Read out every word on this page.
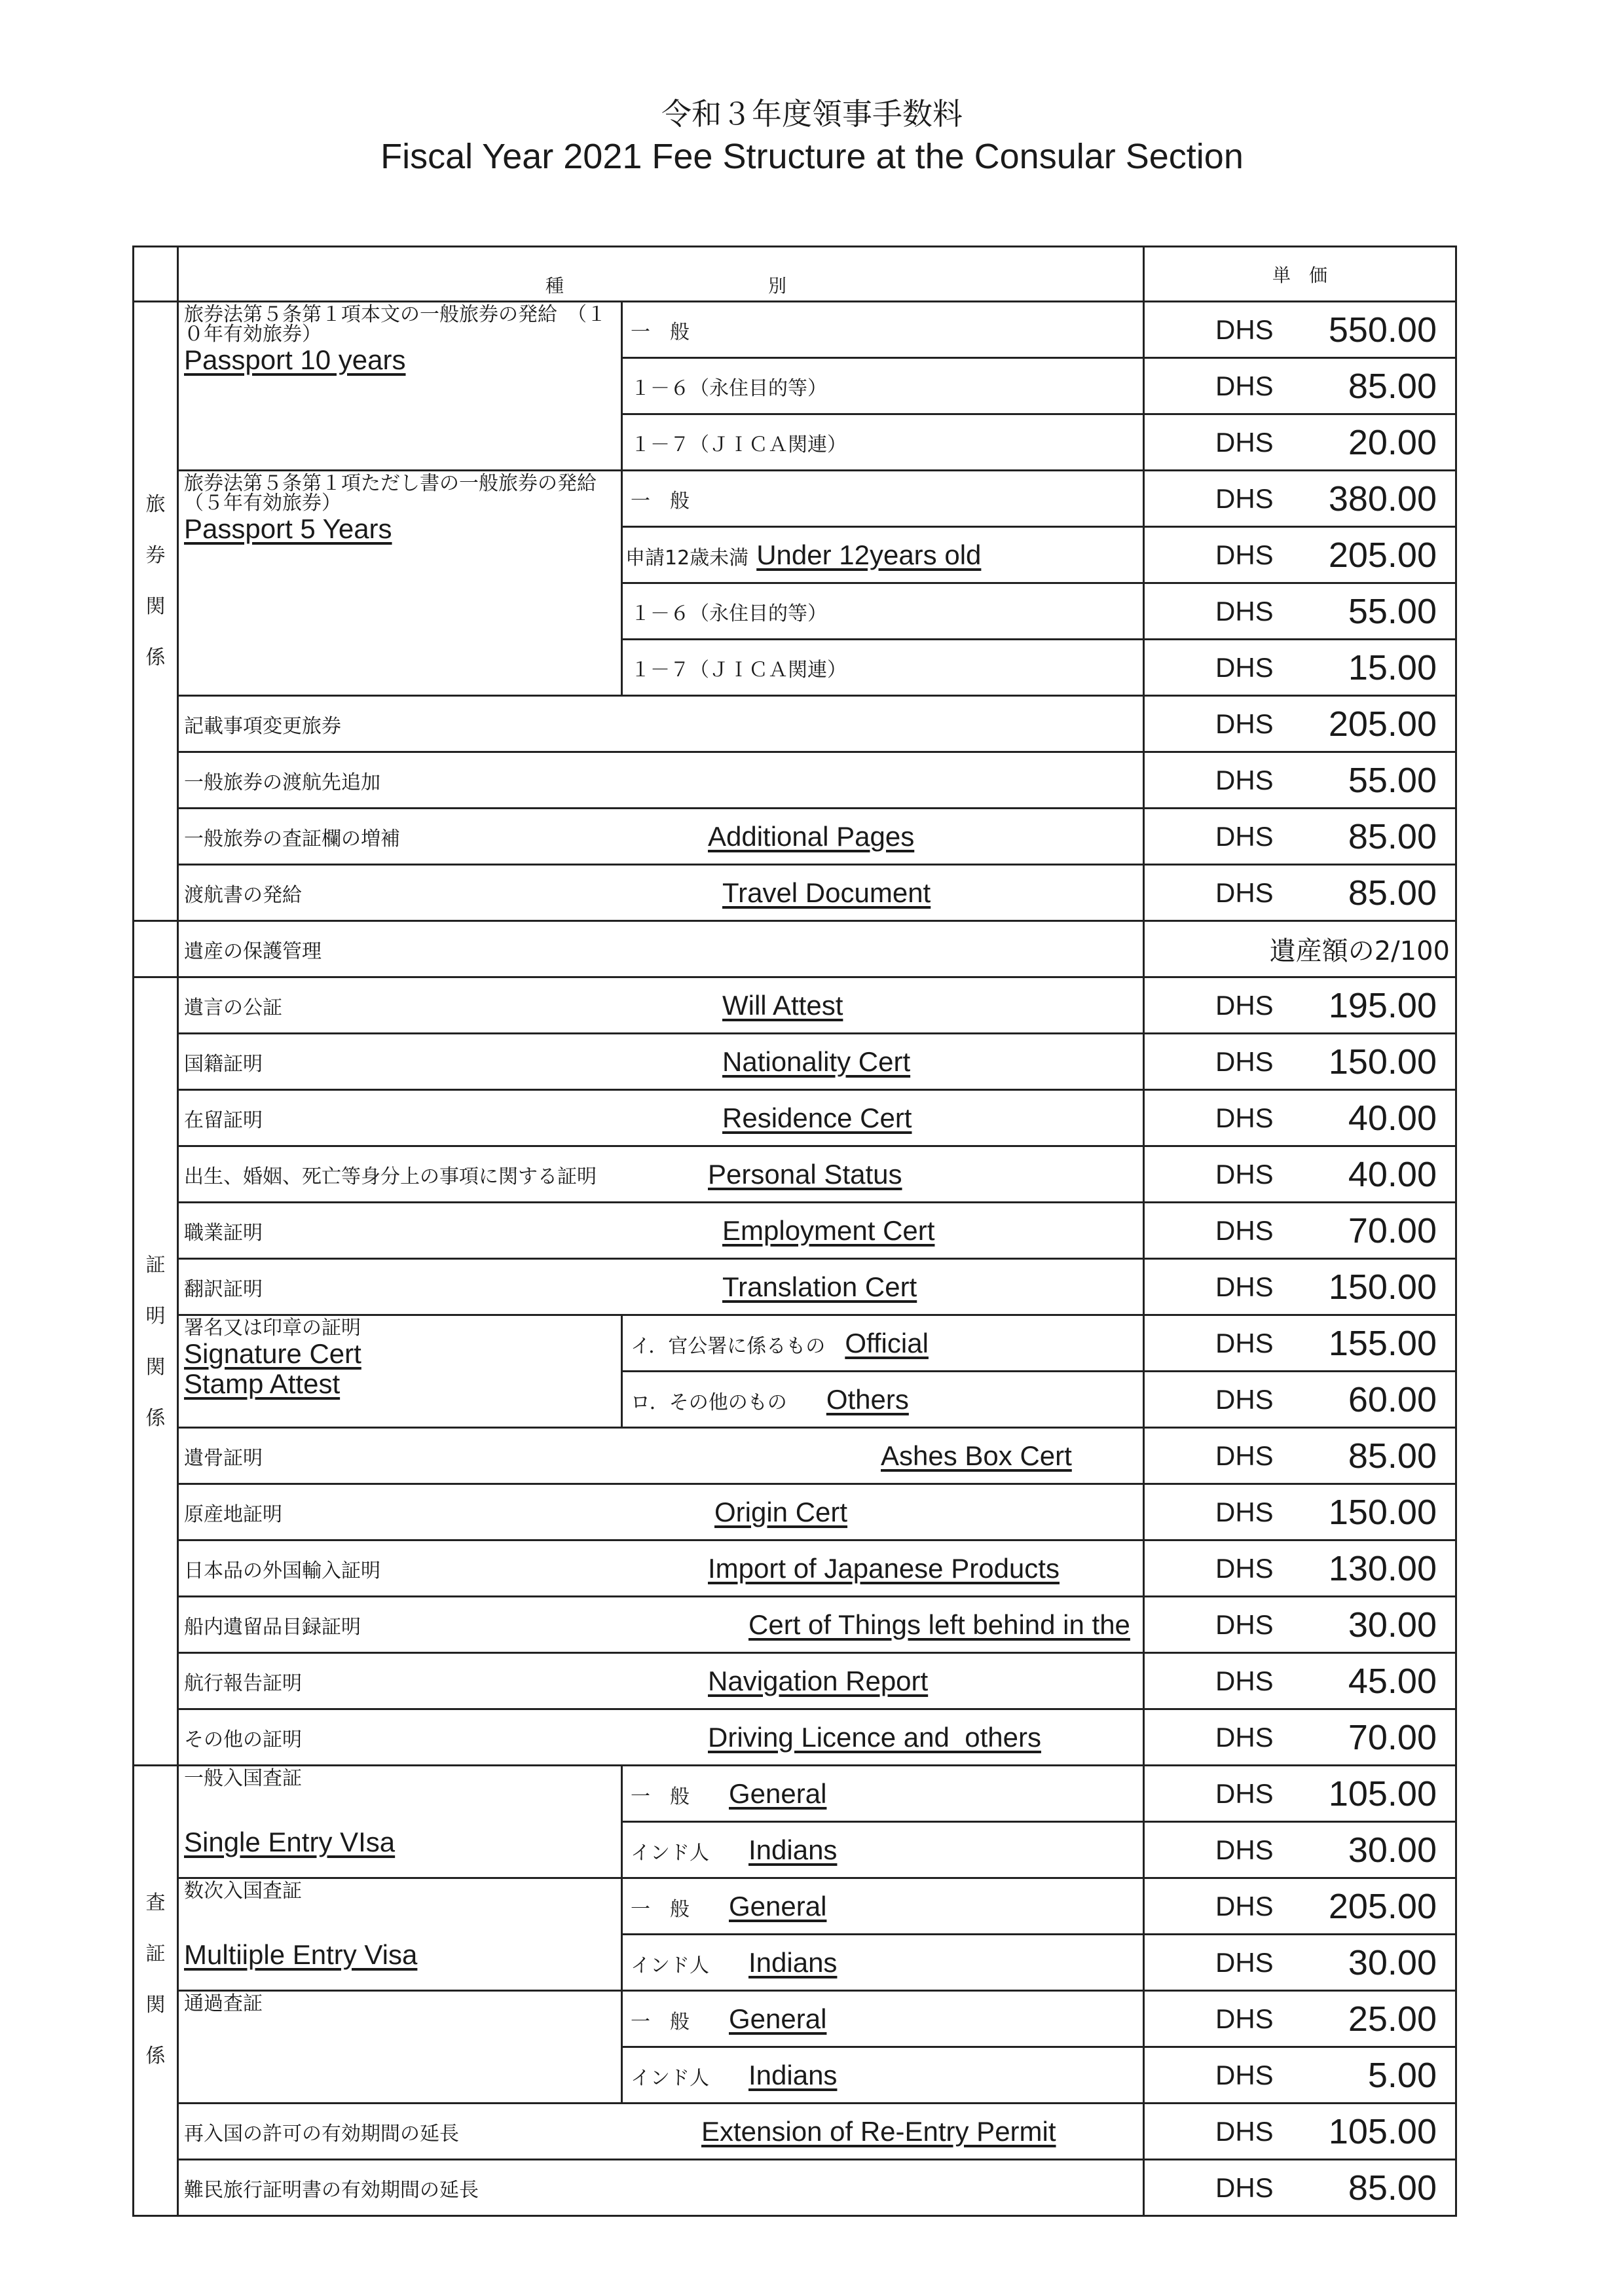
令和３年度領事手数料
Fiscal Year 2021 Fee Structure at the Consular Section

	種 別		単　価

旅
券
関
係	旅券法第５条第１項本文の一般旅券の発給　（１０年有効旅券）
Passport 10 years	一　般	DHS 550.00

		１－６（永住目的等）	DHS 85.00

		１－７（ＪＩＣＡ関連）	DHS 20.00

	旅券法第５条第１項ただし書の一般旅券の発給　　　（５年有効旅券）
Passport 5 Years	一　般	DHS 380.00

		申請12歳未満 Under 12years old	DHS 205.00

		１－６（永住目的等）	DHS 55.00

		１－７（ＪＩＣＡ関連）	DHS 15.00

	記載事項変更旅券		DHS 205.00

	一般旅券の渡航先追加		DHS 55.00

	一般旅券の査証欄の増補 Additional Pages		DHS 85.00

	渡航書の発給 Travel Document		DHS 85.00

	遺産の保護管理		遺産額の2/100

証
明
関
係	遺言の公証 Will Attest		DHS 195.00

	国籍証明 Nationality Cert		DHS 150.00

	在留証明 Residence Cert		DHS 40.00

	出生、婚姻、死亡等身分上の事項に関する証明 Personal Status		DHS 40.00

	職業証明 Employment Cert		DHS 70.00

	翻訳証明 Translation Cert		DHS 150.00

	署名又は印章の証明
Signature Cert
Stamp Attest	イ．官公署に係るもの Official	DHS 155.00

		ロ．その他のもの Others	DHS 60.00

	遺骨証明 Ashes Box Cert		DHS 85.00

	原産地証明 Origin Cert		DHS 150.00

	日本品の外国輸入証明 Import of Japanese Products		DHS 130.00

	船内遺留品目録証明 Cert of Things left behind in the		DHS 30.00

	航行報告証明 Navigation Report		DHS 45.00

	その他の証明 Driving Licence and  others		DHS 70.00

査
証
関
係	一般入国査証
Single Entry VIsa	一　般 General	DHS 105.00

		インド人 Indians	DHS 30.00

	数次入国査証
Multiiple Entry Visa	一　般 General	DHS 205.00

		インド人 Indians	DHS 30.00

	通過査証	一　般 General	DHS 25.00

		インド人 Indians	DHS 5.00

	再入国の許可の有効期間の延長 Extension of Re-Entry Permit		DHS 105.00

	難民旅行証明書の有効期間の延長		DHS 85.00
